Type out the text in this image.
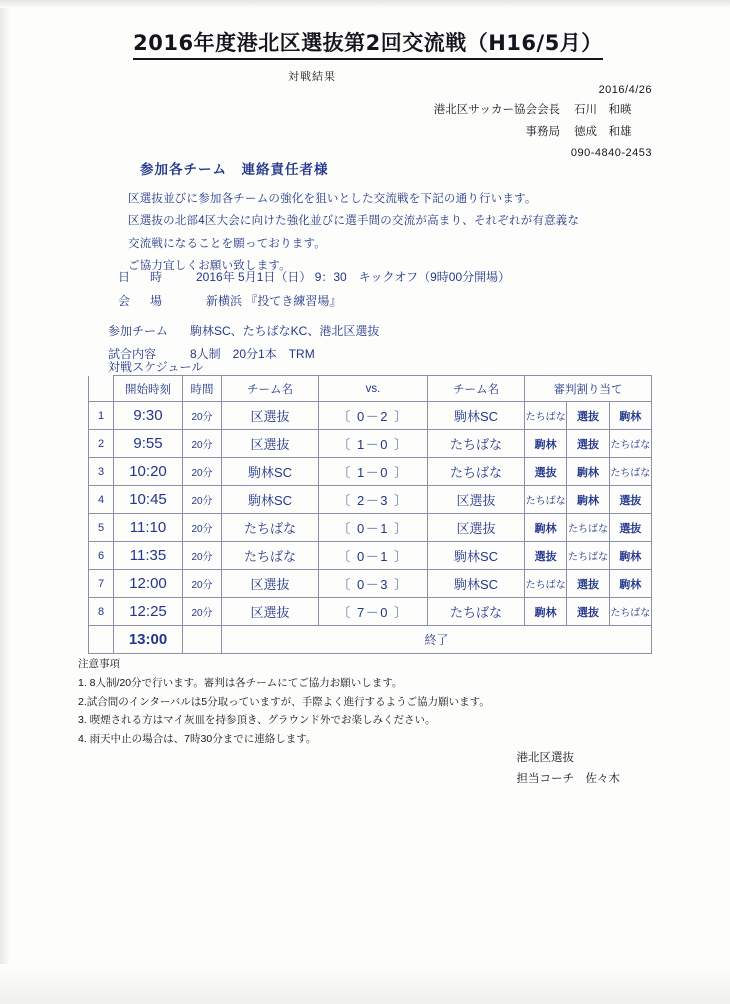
2016年度港北区選抜第2回交流戦（H16/5月）
対戦結果
2016/4/26
港北区サッカー協会会長 石川　和暎
事務局 徳成　和雄
090-4840-2453
参加各チーム　連絡責任者様
区選抜並びに参加各チームの強化を狙いとした交流戦を下記の通り行います。
区選抜の北部4区大会に向けた強化並びに選手間の交流が高まり、それぞれが有意義な
交流戦になることを願っております。
ご協力宜しくお願い致します。
日　時	2016年 5月1日（日） 9：30　キックオフ（9時00分開場）
会　場	新横浜 『投てき練習場』
参加チーム 駒林SC、たちばなKC、港北区選抜
試合内容	8人制　20分1本　TRM
対戦スケジュール
	開始時刻	時間	チーム名	vs.	チーム名	審判割り当て
1	9:30	20分	区選抜	〔 0－2 〕	駒林SC	たちばな 選抜 駒林

2	9:55	20分	区選抜	〔 1－0 〕	たちばな	駒林 選抜 たちばな

3	10:20	20分	駒林SC	〔 1－0 〕	たちばな	選抜 駒林 たちばな

4	10:45	20分	駒林SC	〔 2－3 〕	区選抜	たちばな 駒林 選抜

5	11:10	20分	たちばな	〔 0－1 〕	区選抜	駒林 たちばな 選抜

6	11:35	20分	たちばな	〔 0－1 〕	駒林SC	選抜 たちばな 駒林

7	12:00	20分	区選抜	〔 0－3 〕	駒林SC	たちばな 選抜 駒林

8	12:25	20分	区選抜	〔 7－0 〕	たちばな	駒林 選抜 たちばな

	13:00		終了			
注意事項
1. 8人制/20分で行います。審判は各チームにてご協力お願いします。
2.試合間のインターバルは5分取っていますが、手際よく進行するようご協力願います。
3. 喫煙される方はマイ灰皿を持参頂き、グラウンド外でお楽しみください。
4. 雨天中止の場合は、7時30分までに連絡します。
港北区選抜
担当コーチ　佐々木
